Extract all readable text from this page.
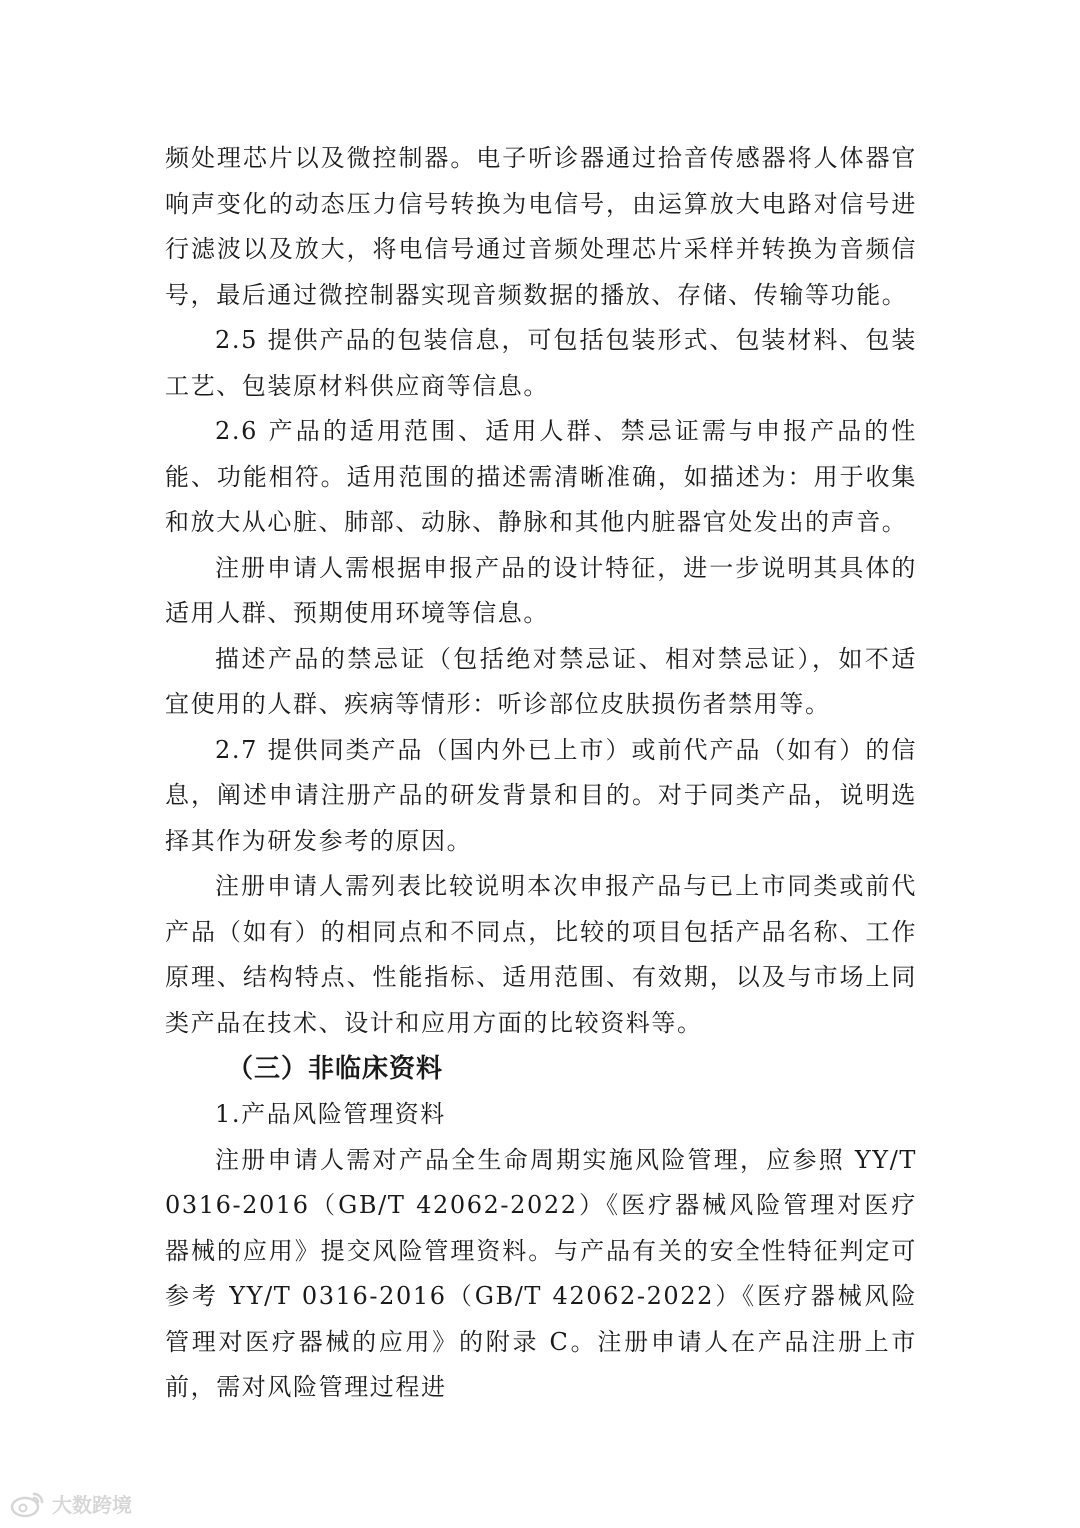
频处理芯片以及微控制器。电子听诊器通过拾音传感器将人体器官响声变化的动态压力信号转换为电信号，由运算放大电路对信号进行滤波以及放大，将电信号通过音频处理芯片采样并转换为音频信号，最后通过微控制器实现音频数据的播放、存储、传输等功能。

2.5 提供产品的包装信息，可包括包装形式、包装材料、包装工艺、包装原材料供应商等信息。

2.6 产品的适用范围、适用人群、禁忌证需与申报产品的性能、功能相符。适用范围的描述需清晰准确，如描述为：用于收集和放大从心脏、肺部、动脉、静脉和其他内脏器官处发出的声音。

注册申请人需根据申报产品的设计特征，进一步说明其具体的适用人群、预期使用环境等信息。

描述产品的禁忌证（包括绝对禁忌证、相对禁忌证），如不适宜使用的人群、疾病等情形：听诊部位皮肤损伤者禁用等。

2.7 提供同类产品（国内外已上市）或前代产品（如有）的信息，阐述申请注册产品的研发背景和目的。对于同类产品，说明选择其作为研发参考的原因。

注册申请人需列表比较说明本次申报产品与已上市同类或前代产品（如有）的相同点和不同点，比较的项目包括产品名称、工作原理、结构特点、性能指标、适用范围、有效期，以及与市场上同类产品在技术、设计和应用方面的比较资料等。

（三）非临床资料

1.产品风险管理资料

注册申请人需对产品全生命周期实施风险管理，应参照 YY/T 0316-2016（GB/T 42062-2022）《医疗器械风险管理对医疗器械的应用》提交风险管理资料。与产品有关的安全性特征判定可参考 YY/T 0316-2016（GB/T 42062-2022）《医疗器械风险管理对医疗器械的应用》的附录 C。注册申请人在产品注册上市前，需对风险管理过程进

大数跨境
